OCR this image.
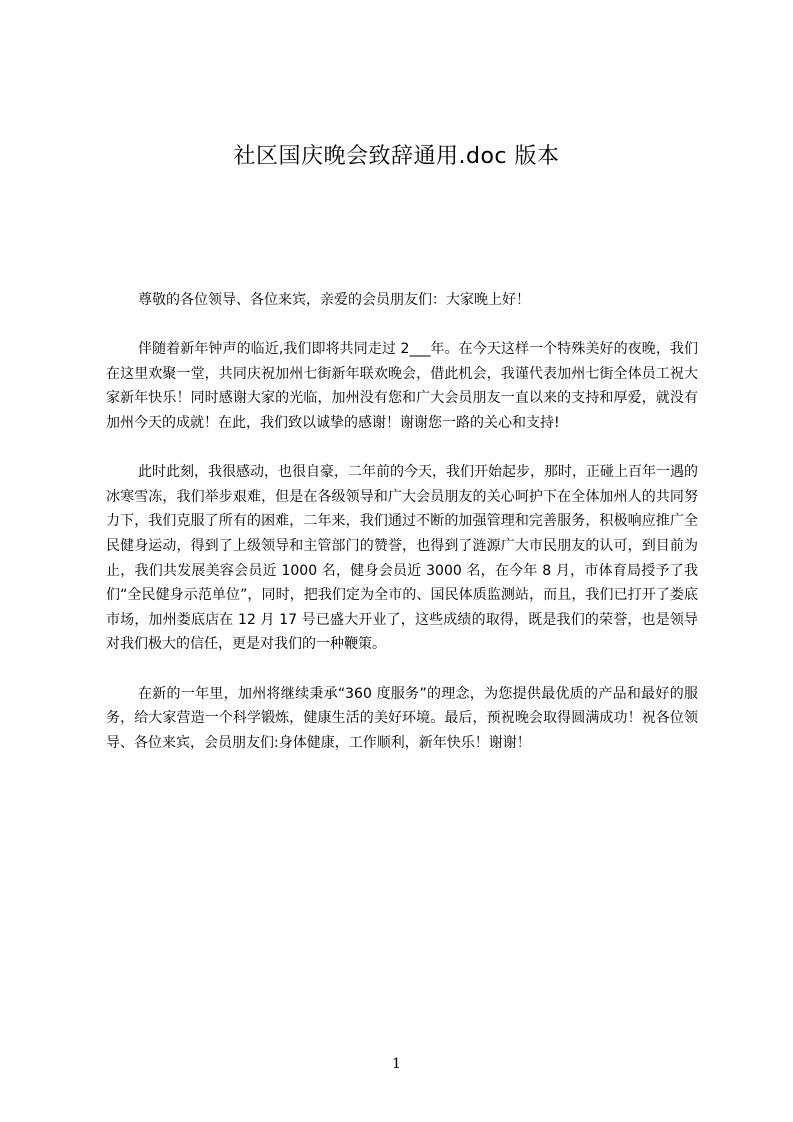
社区国庆晚会致辞通用.doc 版本

尊敬的各位领导、各位来宾，亲爱的会员朋友们：大家晚上好！

伴随着新年钟声的临近,我们即将共同走过 2___年。在今天这样一个特殊美好的夜晚，我们在这里欢聚一堂，共同庆祝加州七街新年联欢晚会，借此机会，我谨代表加州七街全体员工祝大家新年快乐！同时感谢大家的光临，加州没有您和广大会员朋友一直以来的支持和厚爱，就没有加州今天的成就！在此，我们致以诚挚的感谢！谢谢您一路的关心和支持!

此时此刻，我很感动，也很自豪，二年前的今天，我们开始起步，那时，正碰上百年一遇的冰寒雪冻，我们举步艰难，但是在各级领导和广大会员朋友的关心呵护下在全体加州人的共同努力下，我们克服了所有的困难，二年来，我们通过不断的加强管理和完善服务，积极响应推广全民健身运动，得到了上级领导和主管部门的赞誉，也得到了涟源广大市民朋友的认可，到目前为止，我们共发展美容会员近 1000 名，健身会员近 3000 名，在今年 8 月，市体育局授予了我们“全民健身示范单位”，同时，把我们定为全市的、国民体质监测站，而且，我们已打开了娄底市场，加州娄底店在 12 月 17 号已盛大开业了，这些成绩的取得，既是我们的荣誉，也是领导对我们极大的信任，更是对我们的一种鞭策。

在新的一年里，加州将继续秉承“360 度服务”的理念，为您提供最优质的产品和最好的服务，给大家营造一个科学锻炼，健康生活的美好环境。最后，预祝晚会取得圆满成功！祝各位领导、各位来宾，会员朋友们:身体健康，工作顺利，新年快乐！谢谢！

1
